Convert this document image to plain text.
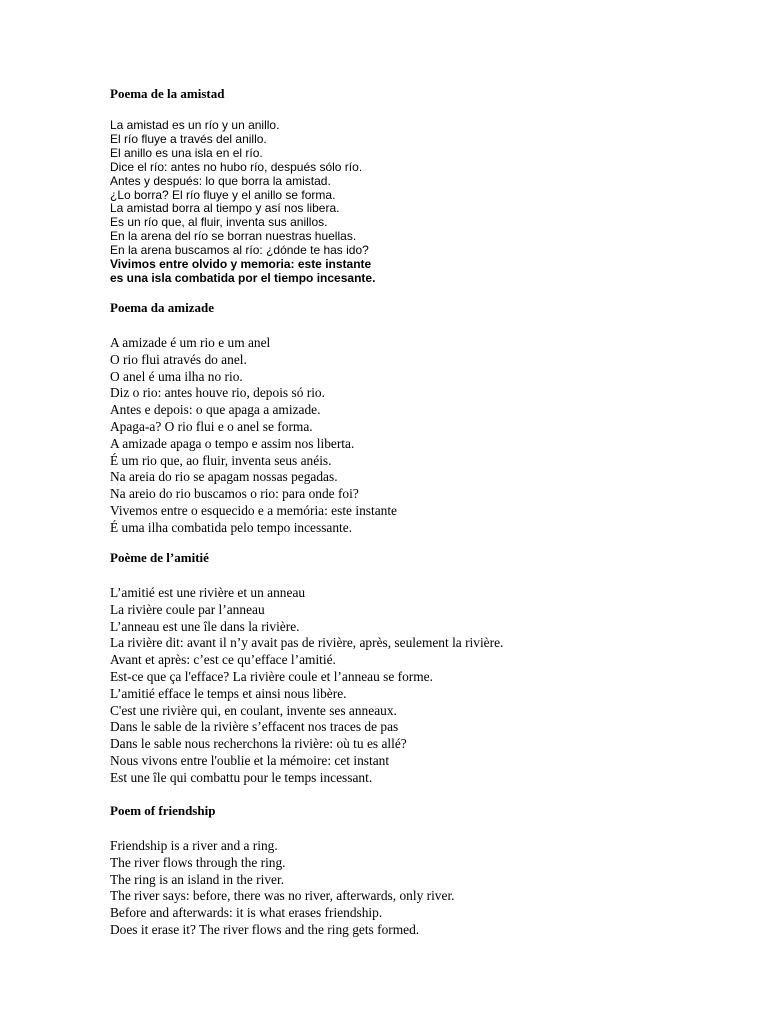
Poema de la amistad
La amistad es un río y un anillo.
El río fluye a través del anillo.
El anillo es una isla en el río.
Dice el río: antes no hubo río, después sólo río.
Antes y después: lo que borra la amistad.
¿Lo borra? El río fluye y el anillo se forma.
La amistad borra al tiempo y así nos libera.
Es un río que, al fluir, inventa sus anillos.
En la arena del río se borran nuestras huellas.
En la arena buscamos al río: ¿dónde te has ido?
Vivimos entre olvido y memoria: este instante
es una isla combatida por el tiempo incesante.
Poema da amizade
A amizade é um rio e um anel
O rio flui através do anel.
O anel é uma ilha no rio.
Diz o rio: antes houve rio, depois só rio.
Antes e depois: o que apaga a amizade.
Apaga-a? O rio flui e o anel se forma.
A amizade apaga o tempo e assim nos liberta.
É um rio que, ao fluir, inventa seus anéis.
Na areia do rio se apagam nossas pegadas.
Na areio do rio buscamos o rio: para onde foi?
Vivemos entre o esquecido e a memória: este instante
É uma ilha combatida pelo tempo incessante.
Poème de l’amitié
L’amitié est une rivière et un anneau
La rivière coule par l’anneau
L’anneau est une île dans la rivière.
La rivière dit: avant il n’y avait pas de rivière, après, seulement la rivière.
Avant et après: c’est ce qu’efface l’amitié.
Est-ce que ça l'efface? La rivière coule et l’anneau se forme.
L’amitié efface le temps et ainsi nous libère.
C'est une rivière qui, en coulant, invente ses anneaux.
Dans le sable de la rivière s’effacent nos traces de pas
Dans le sable nous recherchons la rivière: où tu es allé?
Nous vivons entre l'oublie et la mémoire: cet instant
Est une île qui combattu pour le temps incessant.
Poem of friendship
Friendship is a river and a ring.
The river flows through the ring.
The ring is an island in the river.
The river says: before, there was no river, afterwards, only river.
Before and afterwards: it is what erases friendship.
Does it erase it? The river flows and the ring gets formed.
